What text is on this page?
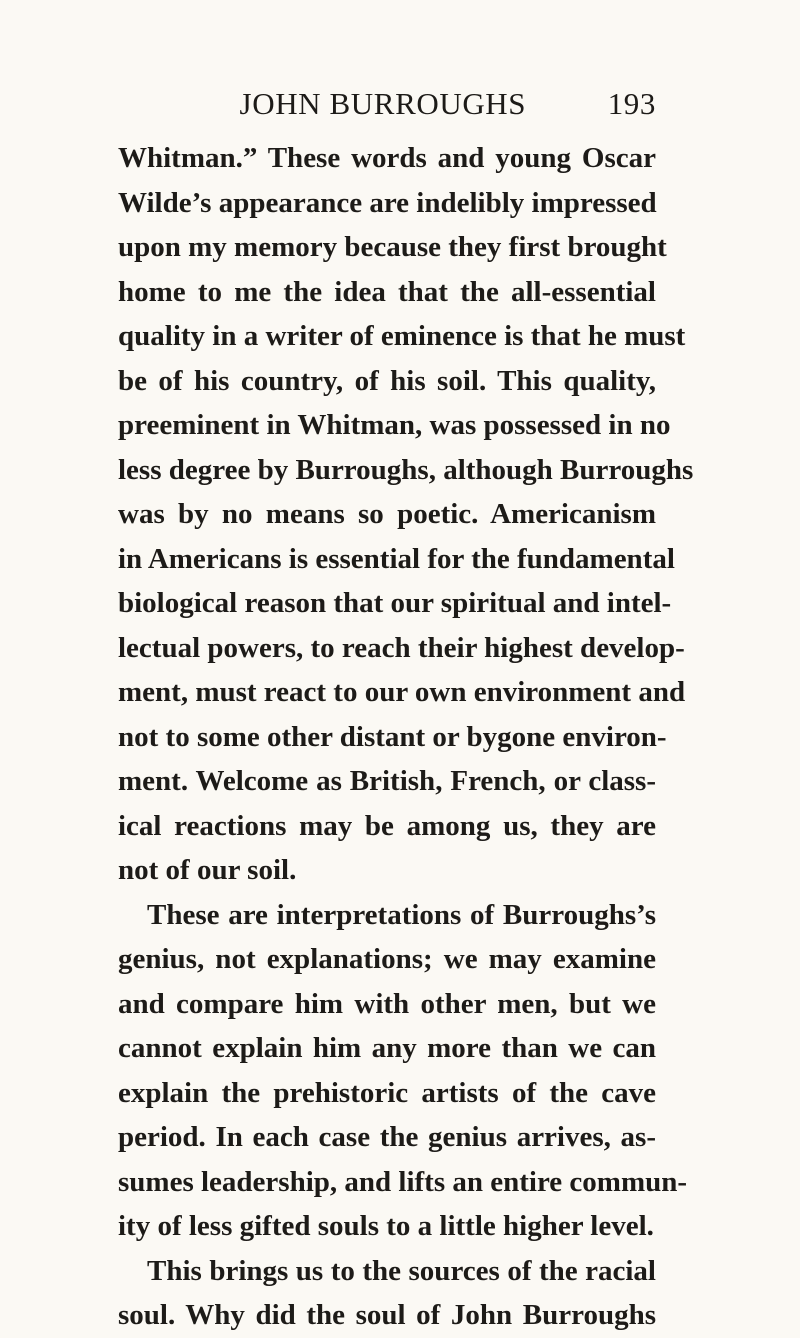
JOHN BURROUGHS	193
Whitman.” These words and young Oscar
Wilde’s appearance are indelibly impressed
upon my memory because they first brought
home to me the idea that the all-essential
quality in a writer of eminence is that he must
be of his country, of his soil. This quality,
preeminent in Whitman, was possessed in no
less degree by Burroughs, although Burroughs
was by no means so poetic. Americanism
in Americans is essential for the fundamental
biological reason that our spiritual and intel-
lectual powers, to reach their highest develop-
ment, must react to our own environment and
not to some other distant or bygone environ-
ment. Welcome as British, French, or class-
ical reactions may be among us, they are
not of our soil.
These are interpretations of Burroughs’s
genius, not explanations; we may examine
and compare him with other men, but we
cannot explain him any more than we can
explain the prehistoric artists of the cave
period. In each case the genius arrives, as-
sumes leadership, and lifts an entire commun-
ity of less gifted souls to a little higher level.
This brings us to the sources of the racial
soul. Why did the soul of John Burroughs
